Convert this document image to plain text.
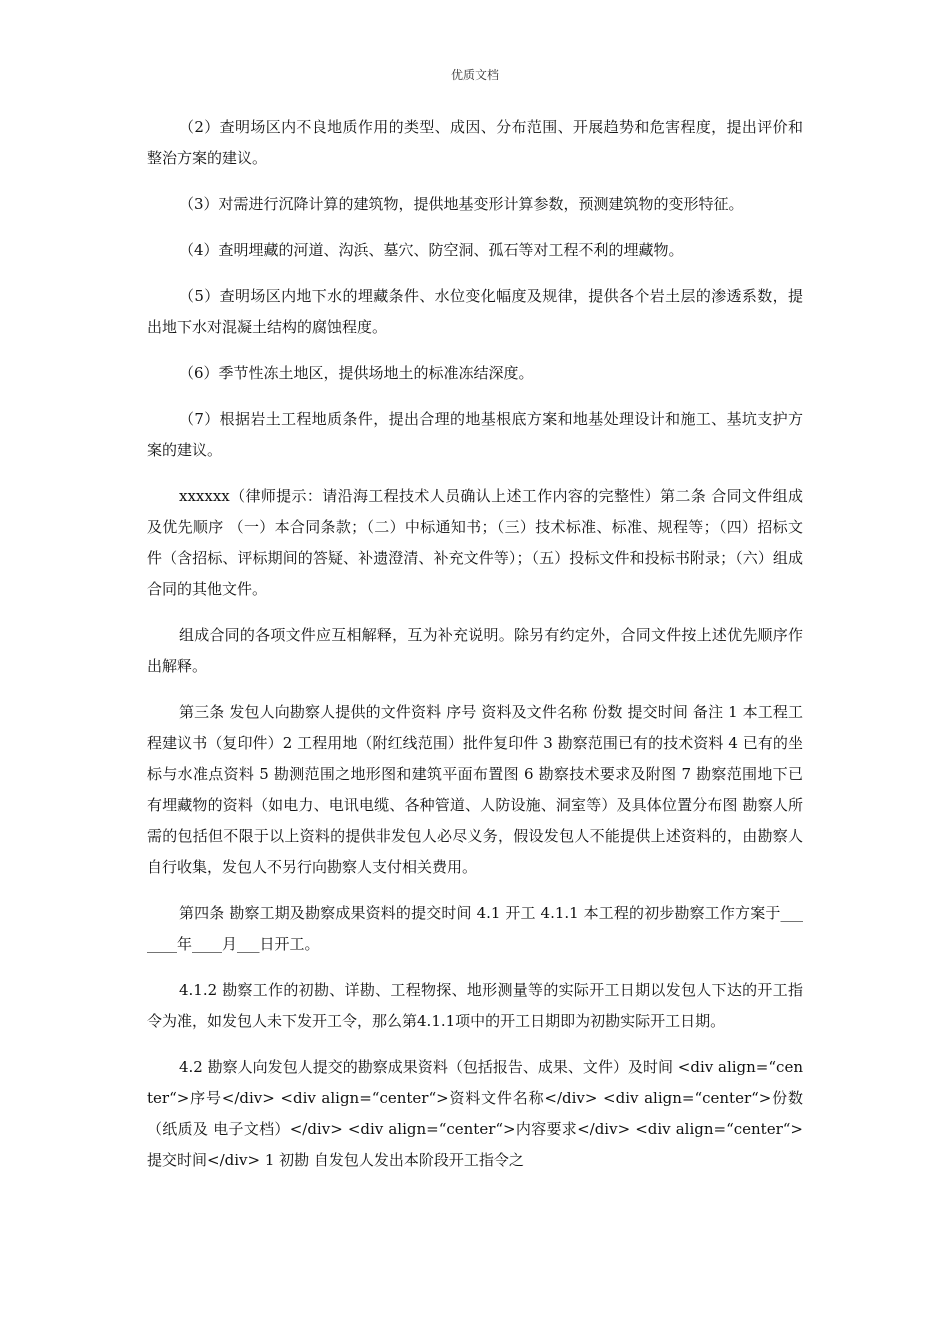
优质文档

（2）查明场区内不良地质作用的类型、成因、分布范围、开展趋势和危害程度，提出评价和整治方案的建议。

（3）对需进行沉降计算的建筑物，提供地基变形计算参数，预测建筑物的变形特征。

（4）查明埋藏的河道、沟浜、墓穴、防空洞、孤石等对工程不利的埋藏物。

（5）查明场区内地下水的埋藏条件、水位变化幅度及规律，提供各个岩土层的渗透系数，提出地下水对混凝土结构的腐蚀程度。

（6）季节性冻土地区，提供场地土的标准冻结深度。

（7）根据岩土工程地质条件，提出合理的地基根底方案和地基处理设计和施工、基坑支护方案的建议。

xxxxxx（律师提示：请沿海工程技术人员确认上述工作内容的完整性）第二条 合同文件组成及优先顺序 （一）本合同条款；（二）中标通知书；（三）技术标准、标准、规程等；（四）招标文件（含招标、评标期间的答疑、补遗澄清、补充文件等）；（五）投标文件和投标书附录；（六）组成合同的其他文件。

组成合同的各项文件应互相解释，互为补充说明。除另有约定外，合同文件按上述优先顺序作出解释。

第三条 发包人向勘察人提供的文件资料 序号 资料及文件名称 份数 提交时间 备注 1 本工程工程建议书（复印件）2 工程用地（附红线范围）批件复印件 3 勘察范围已有的技术资料 4 已有的坐标与水准点资料 5 勘测范围之地形图和建筑平面布置图 6 勘察技术要求及附图 7 勘察范围地下已有埋藏物的资料（如电力、电讯电缆、各种管道、人防设施、洞室等）及具体位置分布图 勘察人所需的包括但不限于以上资料的提供非发包人必尽义务，假设发包人不能提供上述资料的，由勘察人自行收集，发包人不另行向勘察人支付相关费用。

第四条 勘察工期及勘察成果资料的提交时间 4.1 开工 4.1.1 本工程的初步勘察工作方案于_______年____月___日开工。

4.1.2 勘察工作的初勘、详勘、工程物探、地形测量等的实际开工日期以发包人下达的开工指令为准，如发包人未下发开工令，那么第4.1.1项中的开工日期即为初勘实际开工日期。

4.2 勘察人向发包人提交的勘察成果资料（包括报告、成果、文件）及时间 <div align=“center“>序号</div> <div align=“center“>资料文件名称</div> <div align=“center“>份数（纸质及 电子文档）</div> <div align=“center“>内容要求</div> <div align=“center“>提交时间</div> 1 初勘 自发包人发出本阶段开工指令之
